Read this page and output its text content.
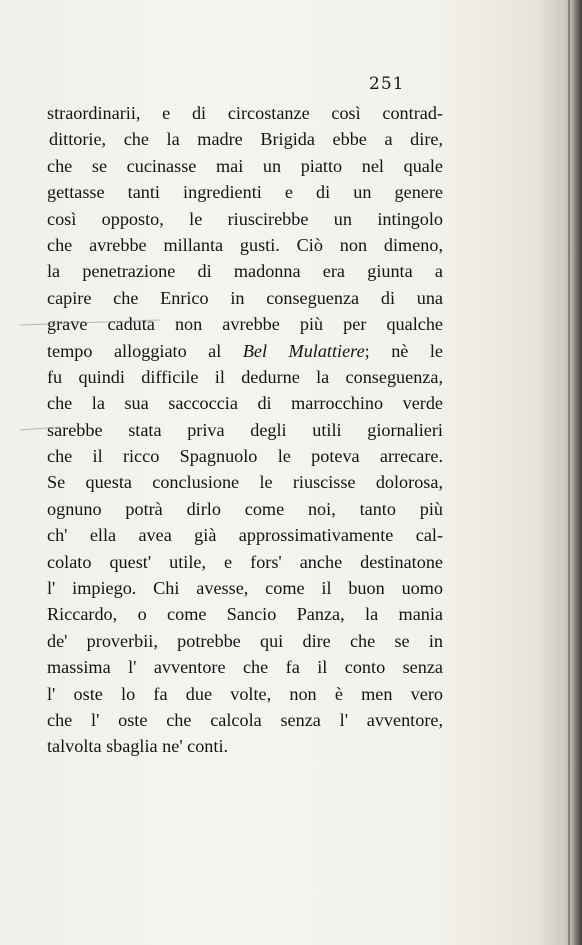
251
straordinarii, e di circostanze così contrad-
dittorie, che la madre Brigida ebbe a dire,
che se cucinasse mai un piatto nel quale
gettasse tanti ingredienti e di un genere
così opposto, le riuscirebbe un intingolo
che avrebbe millanta gusti. Ciò non dimeno,
la penetrazione di madonna era giunta a
capire che Enrico in conseguenza di una
grave caduta non avrebbe più per qualche
tempo alloggiato al Bel Mulattiere; nè le
fu quindi difficile il dedurne la conseguenza,
che la sua saccoccia di marrocchino verde
sarebbe stata priva degli utili giornalieri
che il ricco Spagnuolo le poteva arrecare.
Se questa conclusione le riuscisse dolorosa,
ognuno potrà dirlo come noi, tanto più
ch' ella avea già approssimativamente cal-
colato quest' utile, e fors' anche destinatone
l' impiego. Chi avesse, come il buon uomo
Riccardo, o come Sancio Panza, la mania
de' proverbii, potrebbe qui dire che se in
massima l' avventore che fa il conto senza
l' oste lo fa due volte, non è men vero
che l' oste che calcola senza l' avventore,
talvolta sbaglia ne' conti.
